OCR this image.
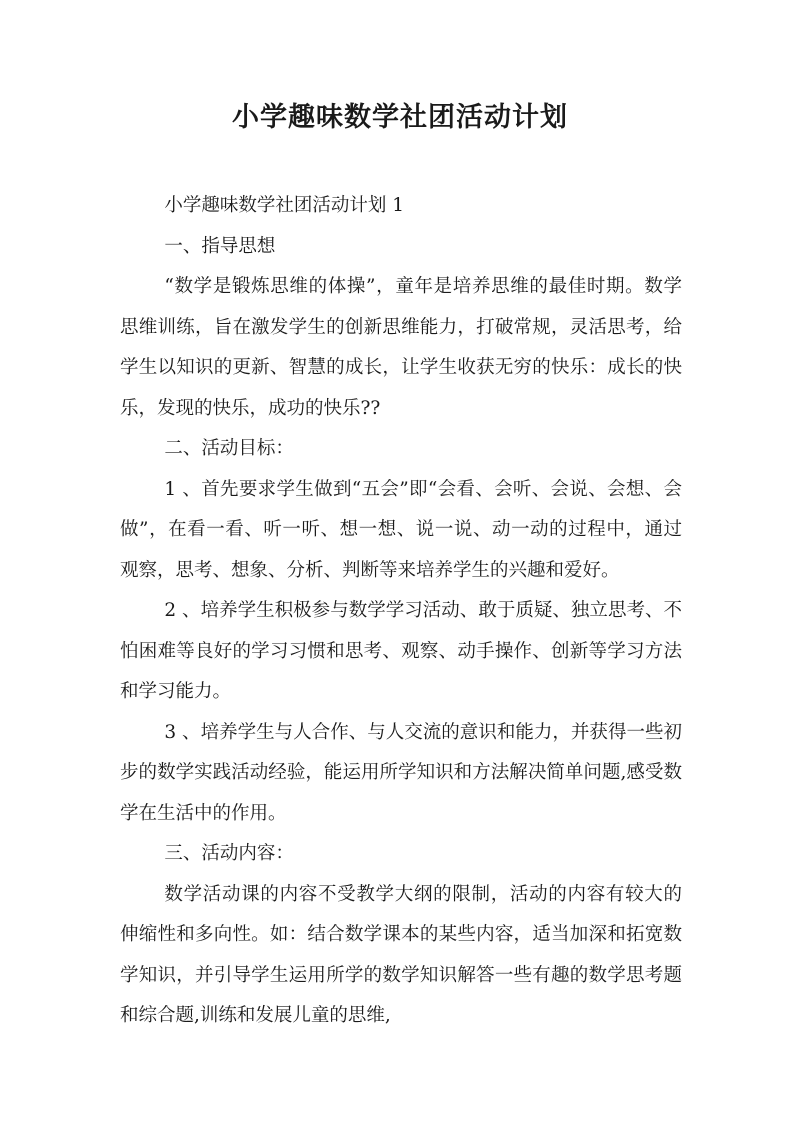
小学趣味数学社团活动计划

小学趣味数学社团活动计划 1

一、指导思想

“数学是锻炼思维的体操”，童年是培养思维的最佳时期。数学思维训练，旨在激发学生的创新思维能力，打破常规，灵活思考，给学生以知识的更新、智慧的成长，让学生收获无穷的快乐：成长的快乐，发现的快乐，成功的快乐??

二、活动目标：

1 、首先要求学生做到“五会”即“会看、会听、会说、会想、会做”，在看一看、听一听、想一想、说一说、动一动的过程中，通过观察，思考、想象、分析、判断等来培养学生的兴趣和爱好。

2 、培养学生积极参与数学学习活动、敢于质疑、独立思考、不怕困难等良好的学习习惯和思考、观察、动手操作、创新等学习方法和学习能力。

3 、培养学生与人合作、与人交流的意识和能力，并获得一些初步的数学实践活动经验，能运用所学知识和方法解决简单问题,感受数学在生活中的作用。

三、活动内容：

数学活动课的内容不受教学大纲的限制，活动的内容有较大的伸缩性和多向性。如：结合数学课本的某些内容，适当加深和拓宽数学知识，并引导学生运用所学的数学知识解答一些有趣的数学思考题和综合题,训练和发展儿童的思维,
